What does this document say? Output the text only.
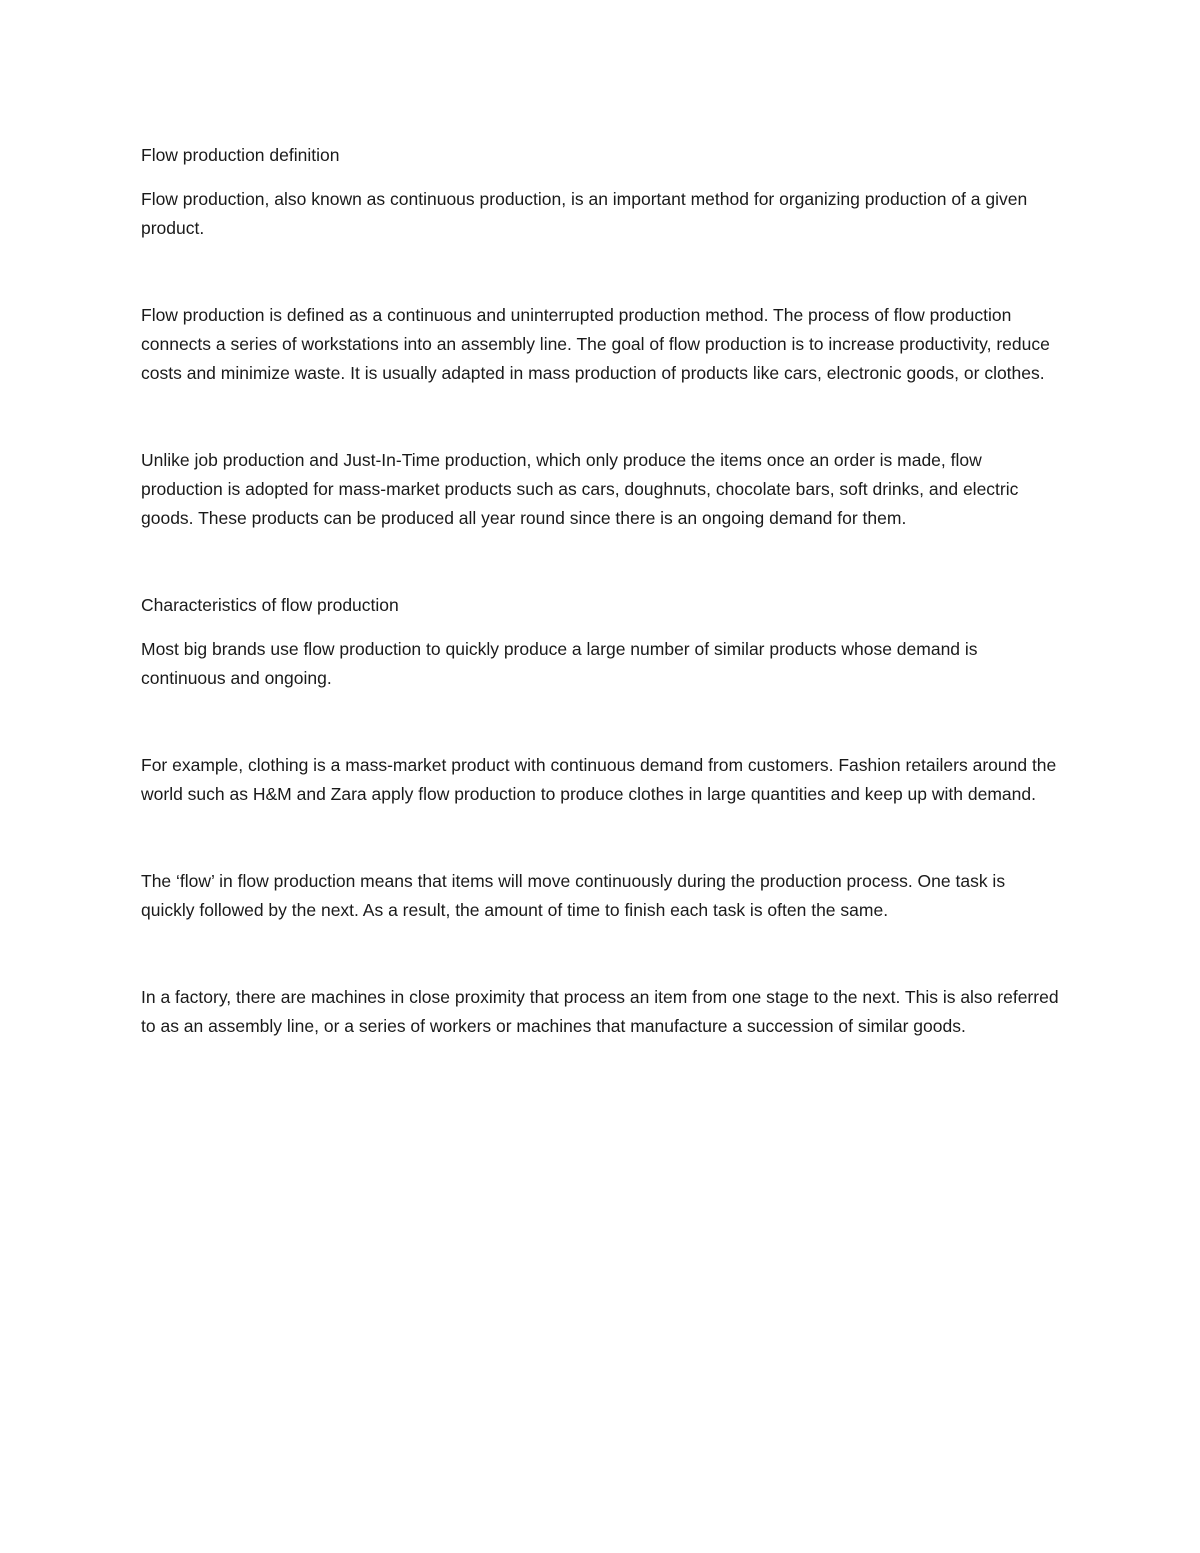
Flow production definition

Flow production, also known as continuous production, is an important method for organizing production of a given product.

Flow production is defined as a continuous and uninterrupted production method. The process of flow production connects a series of workstations into an assembly line. The goal of flow production is to increase productivity, reduce costs and minimize waste. It is usually adapted in mass production of products like cars, electronic goods, or clothes.

Unlike job production and Just-In-Time production, which only produce the items once an order is made, flow production is adopted for mass-market products such as cars, doughnuts, chocolate bars, soft drinks, and electric goods. These products can be produced all year round since there is an ongoing demand for them.

Characteristics of flow production

Most big brands use flow production to quickly produce a large number of similar products whose demand is continuous and ongoing.

For example, clothing is a mass-market product with continuous demand from customers. Fashion retailers around the world such as H&M and Zara apply flow production to produce clothes in large quantities and keep up with demand.

The ‘flow’ in flow production means that items will move continuously during the production process. One task is quickly followed by the next. As a result, the amount of time to finish each task is often the same.

In a factory, there are machines in close proximity that process an item from one stage to the next. This is also referred to as an assembly line, or a series of workers or machines that manufacture a succession of similar goods.
